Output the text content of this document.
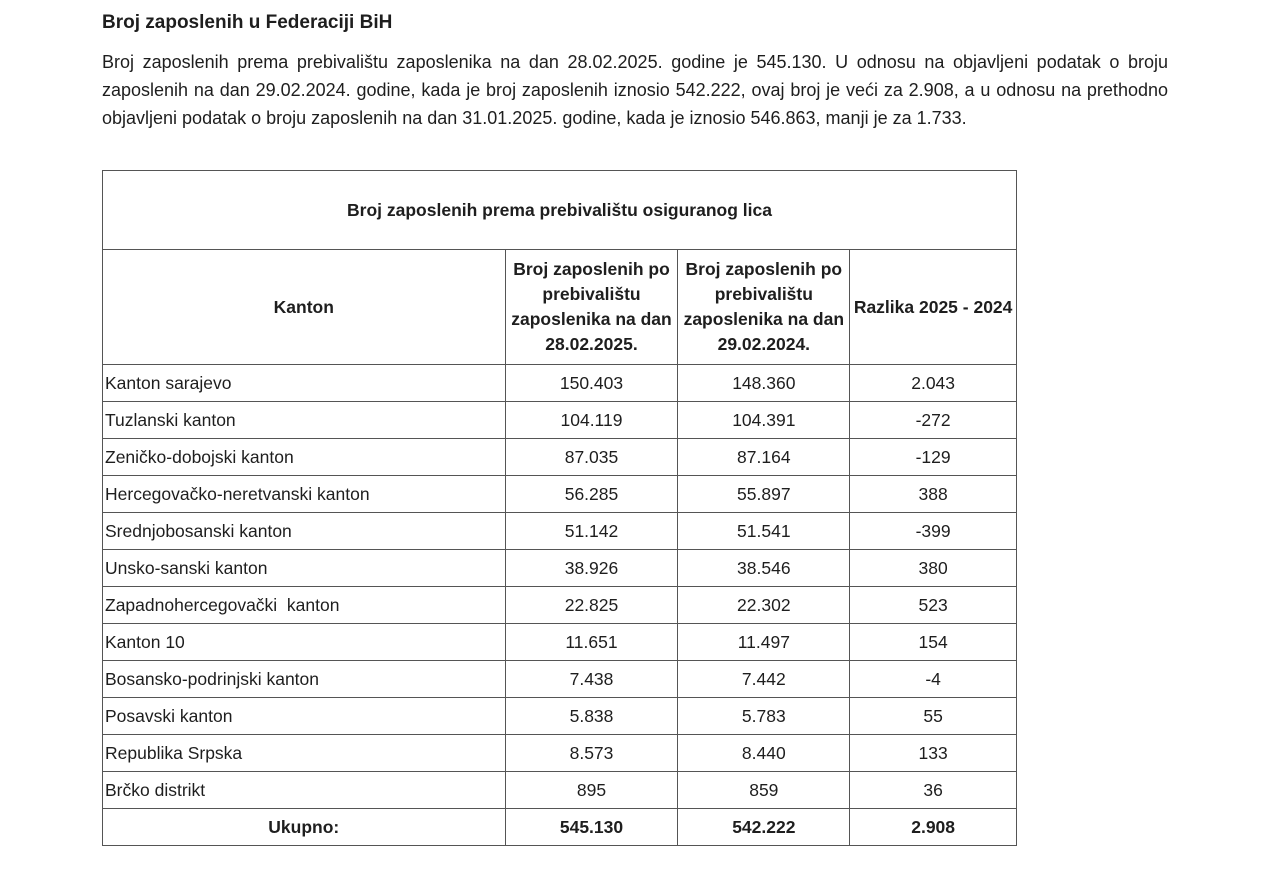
Broj zaposlenih u Federaciji BiH

Broj zaposlenih prema prebivalištu zaposlenika na dan 28.02.2025. godine je 545.130. U odnosu na objavljeni podatak o broju zaposlenih na dan 29.02.2024. godine, kada je broj zaposlenih iznosio 542.222, ovaj broj je veći za 2.908, a u odnosu na prethodno objavljeni podatak o broju zaposlenih na dan 31.01.2025. godine, kada je iznosio 546.863, manji je za 1.733.

Broj zaposlenih prema prebivalištu osiguranog lica			
Kanton	Broj zaposlenih po prebivalištu zaposlenika na dan 28.02.2025.	Broj zaposlenih po prebivalištu zaposlenika na dan 29.02.2024.	Razlika 2025 - 2024
Kanton sarajevo	150.403	148.360	2.043
Tuzlanski kanton	104.119	104.391	-272
Zeničko-dobojski kanton	87.035	87.164	-129
Hercegovačko-neretvanski kanton	56.285	55.897	388
Srednjobosanski kanton	51.142	51.541	-399
Unsko-sanski kanton	38.926	38.546	380
Zapadnohercegovački  kanton	22.825	22.302	523
Kanton 10	11.651	11.497	154
Bosansko-podrinjski kanton	7.438	7.442	-4
Posavski kanton	5.838	5.783	55
Republika Srpska	8.573	8.440	133
Brčko distrikt	895	859	36
Ukupno:	545.130	542.222	2.908
